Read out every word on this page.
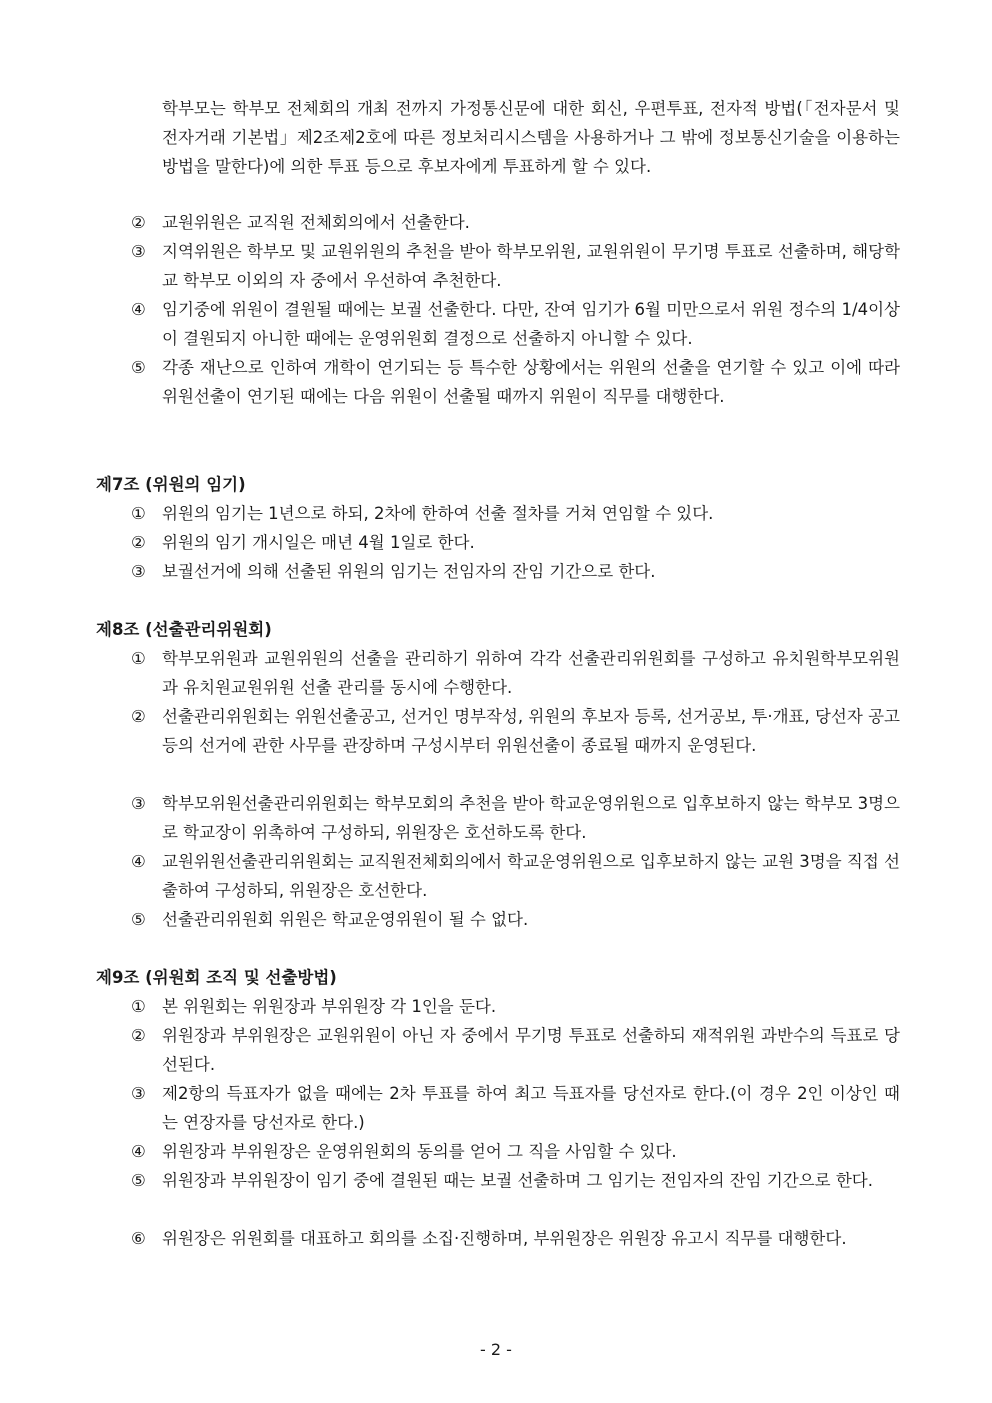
학부모는 학부모 전체회의 개최 전까지 가정통신문에 대한 회신, 우편투표, 전자적 방법(「전자문서 및 전자거래 기본법」제2조제2호에 따른 정보처리시스템을 사용하거나 그 밖에 정보통신기술을 이용하는 방법을 말한다)에 의한 투표 등으로 후보자에게 투표하게 할 수 있다.
② 교원위원은 교직원 전체회의에서 선출한다.
③ 지역위원은 학부모 및 교원위원의 추천을 받아 학부모위원, 교원위원이 무기명 투표로 선출하며, 해당학교 학부모 이외의 자 중에서 우선하여 추천한다.
④ 임기중에 위원이 결원될 때에는 보궐 선출한다. 다만, 잔여 임기가 6월 미만으로서 위원 정수의 1/4이상이 결원되지 아니한 때에는 운영위원회 결정으로 선출하지 아니할 수 있다.
⑤ 각종 재난으로 인하여 개학이 연기되는 등 특수한 상황에서는 위원의 선출을 연기할 수 있고 이에 따라 위원선출이 연기된 때에는 다음 위원이 선출될 때까지 위원이 직무를 대행한다.
제7조 (위원의 임기)
① 위원의 임기는 1년으로 하되, 2차에 한하여 선출 절차를 거쳐 연임할 수 있다.
② 위원의 임기 개시일은 매년 4월 1일로 한다.
③ 보궐선거에 의해 선출된 위원의 임기는 전임자의 잔임 기간으로 한다.
제8조 (선출관리위원회)
① 학부모위원과 교원위원의 선출을 관리하기 위하여 각각 선출관리위원회를 구성하고 유치원학부모위원과 유치원교원위원 선출 관리를 동시에 수행한다.
② 선출관리위원회는 위원선출공고, 선거인 명부작성, 위원의 후보자 등록, 선거공보, 투·개표, 당선자 공고 등의 선거에 관한 사무를 관장하며 구성시부터 위원선출이 종료될 때까지 운영된다.
③ 학부모위원선출관리위원회는 학부모회의 추천을 받아 학교운영위원으로 입후보하지 않는 학부모 3명으로 학교장이 위촉하여 구성하되, 위원장은 호선하도록 한다.
④ 교원위원선출관리위원회는 교직원전체회의에서 학교운영위원으로 입후보하지 않는 교원 3명을 직접 선출하여 구성하되, 위원장은 호선한다.
⑤ 선출관리위원회 위원은 학교운영위원이 될 수 없다.
제9조 (위원회 조직 및 선출방법)
① 본 위원회는 위원장과 부위원장 각 1인을 둔다.
② 위원장과 부위원장은 교원위원이 아닌 자 중에서 무기명 투표로 선출하되 재적위원 과반수의 득표로 당선된다.
③ 제2항의 득표자가 없을 때에는 2차 투표를 하여 최고 득표자를 당선자로 한다.(이 경우 2인 이상인 때는 연장자를 당선자로 한다.)
④ 위원장과 부위원장은 운영위원회의 동의를 얻어 그 직을 사임할 수 있다.
⑤ 위원장과 부위원장이 임기 중에 결원된 때는 보궐 선출하며 그 임기는 전임자의 잔임 기간으로 한다.
⑥ 위원장은 위원회를 대표하고 회의를 소집·진행하며, 부위원장은 위원장 유고시 직무를 대행한다.
- 2 -
